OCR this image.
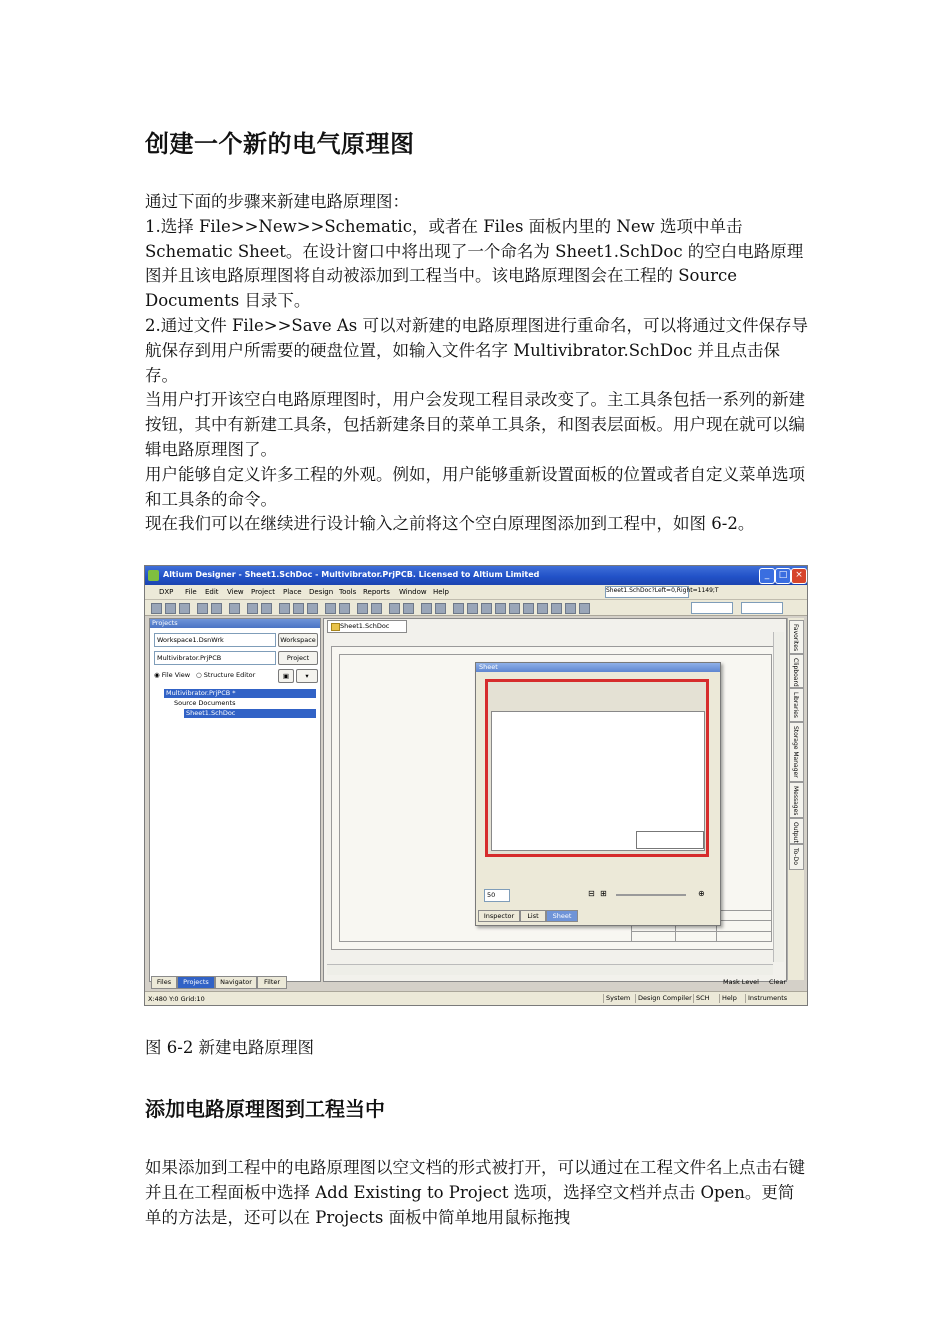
创建一个新的电气原理图

通过下面的步骤来新建电路原理图：

1.选择 File>>New>>Schematic，或者在 Files 面板内里的 New 选项中单击 Schematic Sheet。在设计窗口中将出现了一个命名为 Sheet1.SchDoc 的空白电路原理图并且该电路原理图将自动被添加到工程当中。该电路原理图会在工程的 Source Documents 目录下。

2.通过文件 File>>Save As 可以对新建的电路原理图进行重命名，可以将通过文件保存导航保存到用户所需要的硬盘位置，如输入文件名字 Multivibrator.SchDoc 并且点击保存。

当用户打开该空白电路原理图时，用户会发现工程目录改变了。主工具条包括一系列的新建按钮，其中有新建工具条，包括新建条目的菜单工具条，和图表层面板。用户现在就可以编辑电路原理图了。

用户能够自定义许多工程的外观。例如，用户能够重新设置面板的位置或者自定义菜单选项和工具条的命令。

现在我们可以在继续进行设计输入之前将这个空白原理图添加到工程中，如图 6-2。

Altium Designer - Sheet1.SchDoc - Multivibrator.PrjPCB. Licensed to Altium Limited	_	□ ×
DXP File Edit View Project Place Design Tools Reports Window Help	Sheet1.SchDoc?Left=0,Right=1149;T
Projects
Workspace1.DsnWrk	Workspace
Multivibrator.PrjPCB	Project
◉ File View ○ Structure Editor	▣	▾
Multivibrator.PrjPCB *
Source Documents
Sheet1.SchDoc
Files	Projects	Navigator	Filter
Sheet1.SchDoc	Favorites
Clipboard
Libraries
Storage Manager
Messages
Output
To-Do
Sheet
50	⊟ ⊞	⊕
Inspector	List	Sheet
Mask Level Clear
X:480 Y:0 Grid:10	System	Design Compiler SCH	Help	Instruments
图 6-2 新建电路原理图
添加电路原理图到工程当中

如果添加到工程中的电路原理图以空文档的形式被打开，可以通过在工程文件名上点击右键并且在工程面板中选择 Add Existing to Project 选项，选择空文档并点击 Open。更简单的方法是，还可以在 Projects 面板中简单地用鼠标拖拽
